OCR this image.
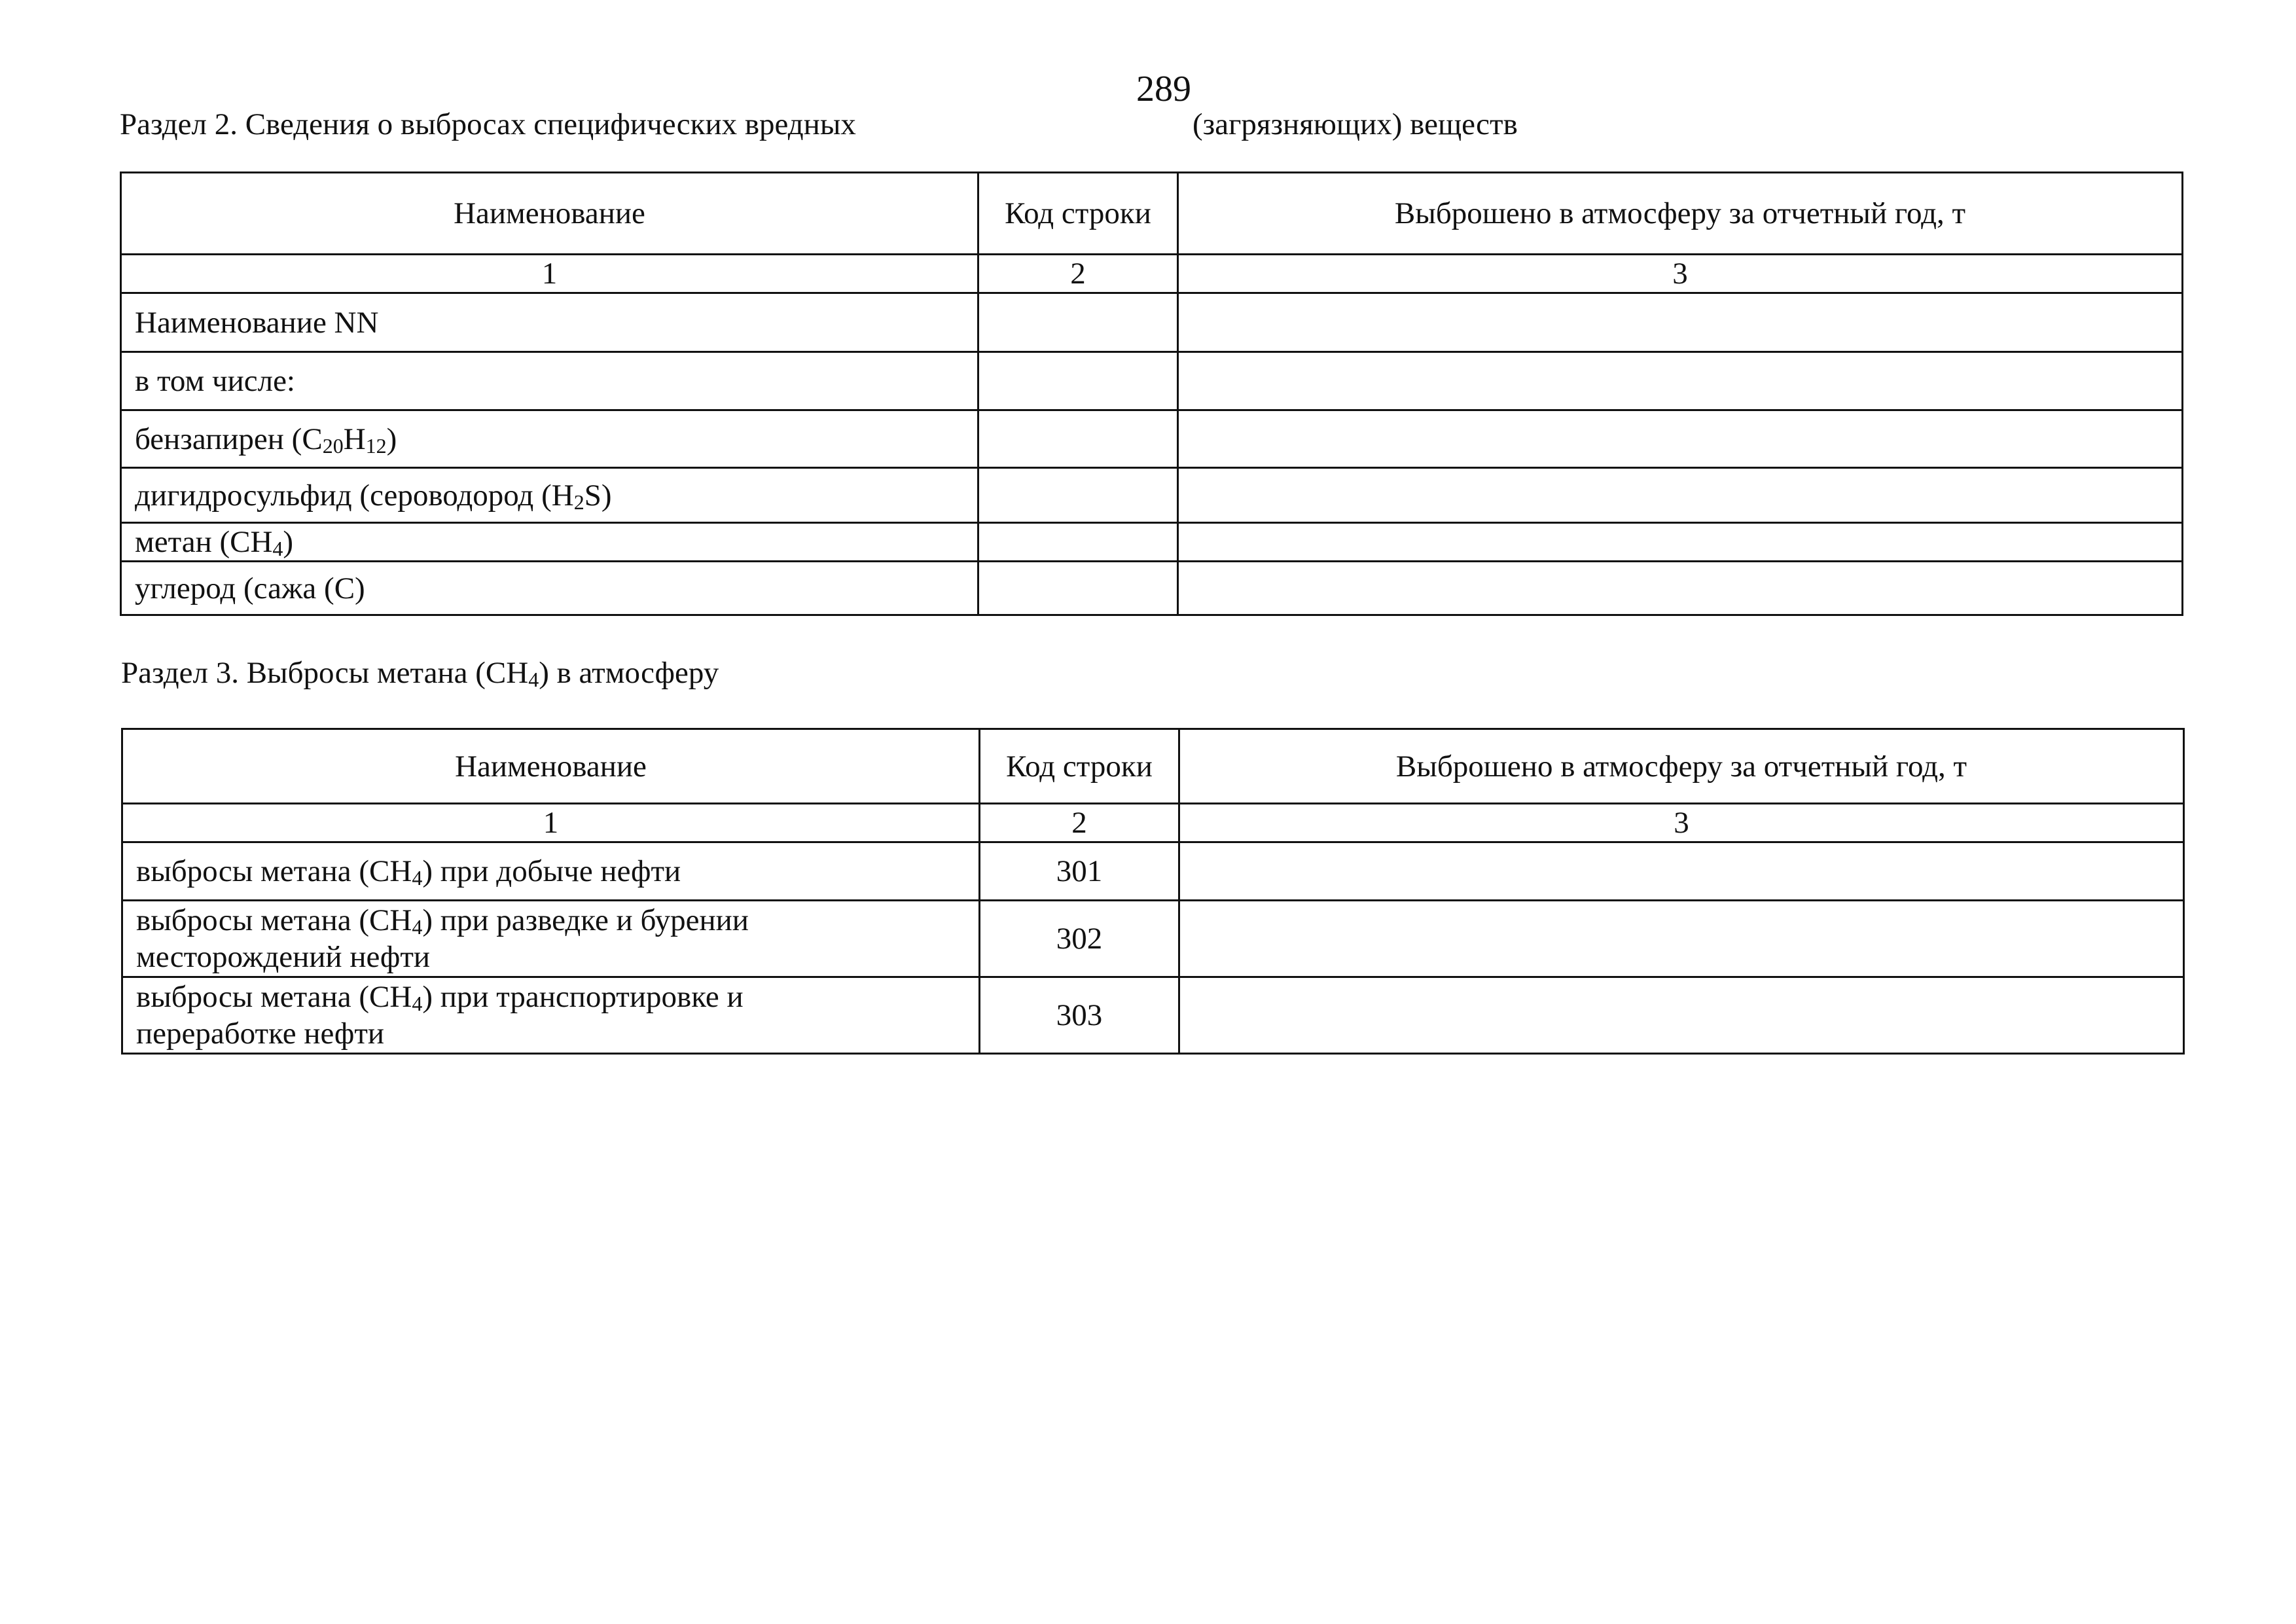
289
Раздел 2. Сведения о выбросах специфических вредных	(загрязняющих) веществ
Наименование	Код строки	Выброшено в атмосферу за отчетный год, т
1	2	3
Наименование NN		
в том числе:		
бензапирен $(C_{20}H_{12})$		
дигидросульфид (сероводород $(H_2S)$		
метан $(CH_4)$		
углерод (сажа (C)		
Раздел 3. Выбросы метана $(CH_4)$ в атмосферу
Наименование	Код строки	Выброшено в атмосферу за отчетный год, т
1	2	3
выбросы метана $(CH_4)$ при добыче нефти	301	
выбросы метана $(CH_4)$ при разведке и бурении
месторождений нефти	302	
выбросы метана $(CH_4)$ при транспортировке и
переработке нефти	303	
